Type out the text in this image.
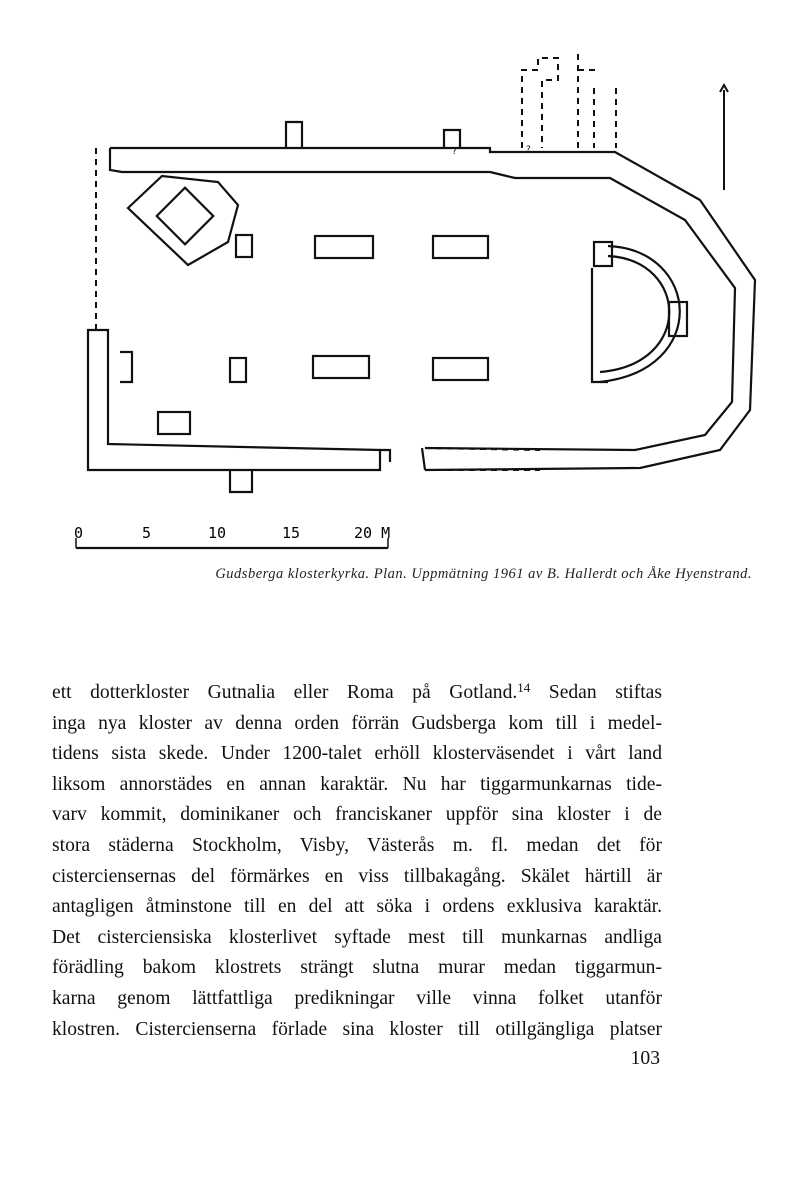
?	?
0	5	10	15	20 M
Gudsberga klosterkyrka. Plan. Uppmätning 1961 av B. Hallerdt och Åke Hyenstrand.
ett dotterkloster Gutnalia eller Roma på Gotland.$^{14}$ Sedan stiftas
inga nya kloster av denna orden förrän Gudsberga kom till i medel-
tidens sista skede. Under 1200-talet erhöll klosterväsendet i vårt land
liksom annorstädes en annan karaktär. Nu har tiggarmunkarnas tide-
varv kommit, dominikaner och franciskaner uppför sina kloster i de
stora städerna Stockholm, Visby, Västerås m. fl. medan det för
cisterciensernas del förmärkes en viss tillbakagång. Skälet härtill är
antagligen åtminstone till en del att söka i ordens exklusiva karaktär.
Det cisterciensiska klosterlivet syftade mest till munkarnas andliga
förädling bakom klostrets strängt slutna murar medan tiggarmun-
karna genom lättfattliga predikningar ville vinna folket utanför
klostren. Cistercienserna förlade sina kloster till otillgängliga platser
103
